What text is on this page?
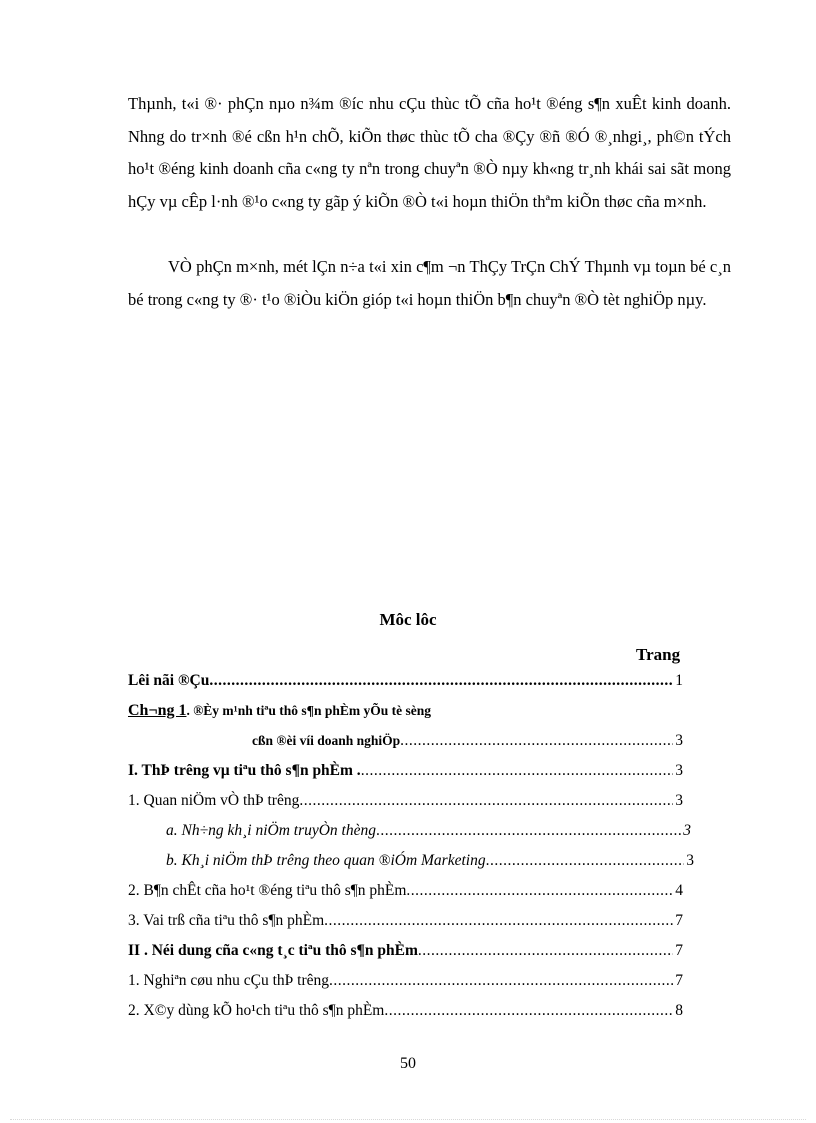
Thµnh, t«i ®· phÇn nµo n¾m ®íc nhu cÇu thùc tÕ cña ho¹t ®éng s¶n xuÊt kinh doanh. Nhng do tr×nh ®é cßn h¹n chÕ, kiÕn thøc thùc tÕ cha ®Çy ®ñ ®Ó ®¸nhgi¸, ph©n tÝch ho¹t ®éng kinh doanh cña c«ng ty nªn trong chuyªn ®Ò nµy kh«ng tr¸nh khái sai sãt mong hÇy vµ cÊp l·nh ®¹o c«ng ty gãp ý kiÕn ®Ò t«i hoµn thiÖn thªm kiÕn thøc cña m×nh.

VÒ phÇn m×nh, mét lÇn n÷a t«i xin c¶m ¬n ThÇy TrÇn ChÝ Thµnh vµ toµn bé c¸n bé trong c«ng ty ®· t¹o ®iÒu kiÖn gióp t«i hoµn thiÖn b¶n chuyªn ®Ò tèt nghiÖp nµy.

Môc lôc
Trang
Lêi nãi ®Çu .....	1
Ch¬ng 1 . ®Èy m¹nh tiªu thô s¶n phÈm yÕu tè sèng
cßn ®èi víi doanh nghiÖp .....	3
I. ThÞ trêng vµ tiªu thô s¶n phÈm . .....	3
1. Quan niÖm vÒ thÞ trêng .....	3
a. Nh÷ng kh¸i niÖm truyÒn thèng .....	3
b. Kh¸i niÖm thÞ trêng theo quan ®iÓm Marketing .....	3
2. B¶n chÊt cña ho¹t ®éng tiªu thô s¶n phÈm .....	4
3. Vai trß cña tiªu thô s¶n phÈm .....	7
II . Néi dung cña c«ng t¸c tiªu thô s¶n phÈm .....	7
1. Nghiªn cøu nhu cÇu thÞ trêng .....	7
2. X©y dùng kÕ ho¹ch tiªu thô s¶n phÈm .....	8
50
